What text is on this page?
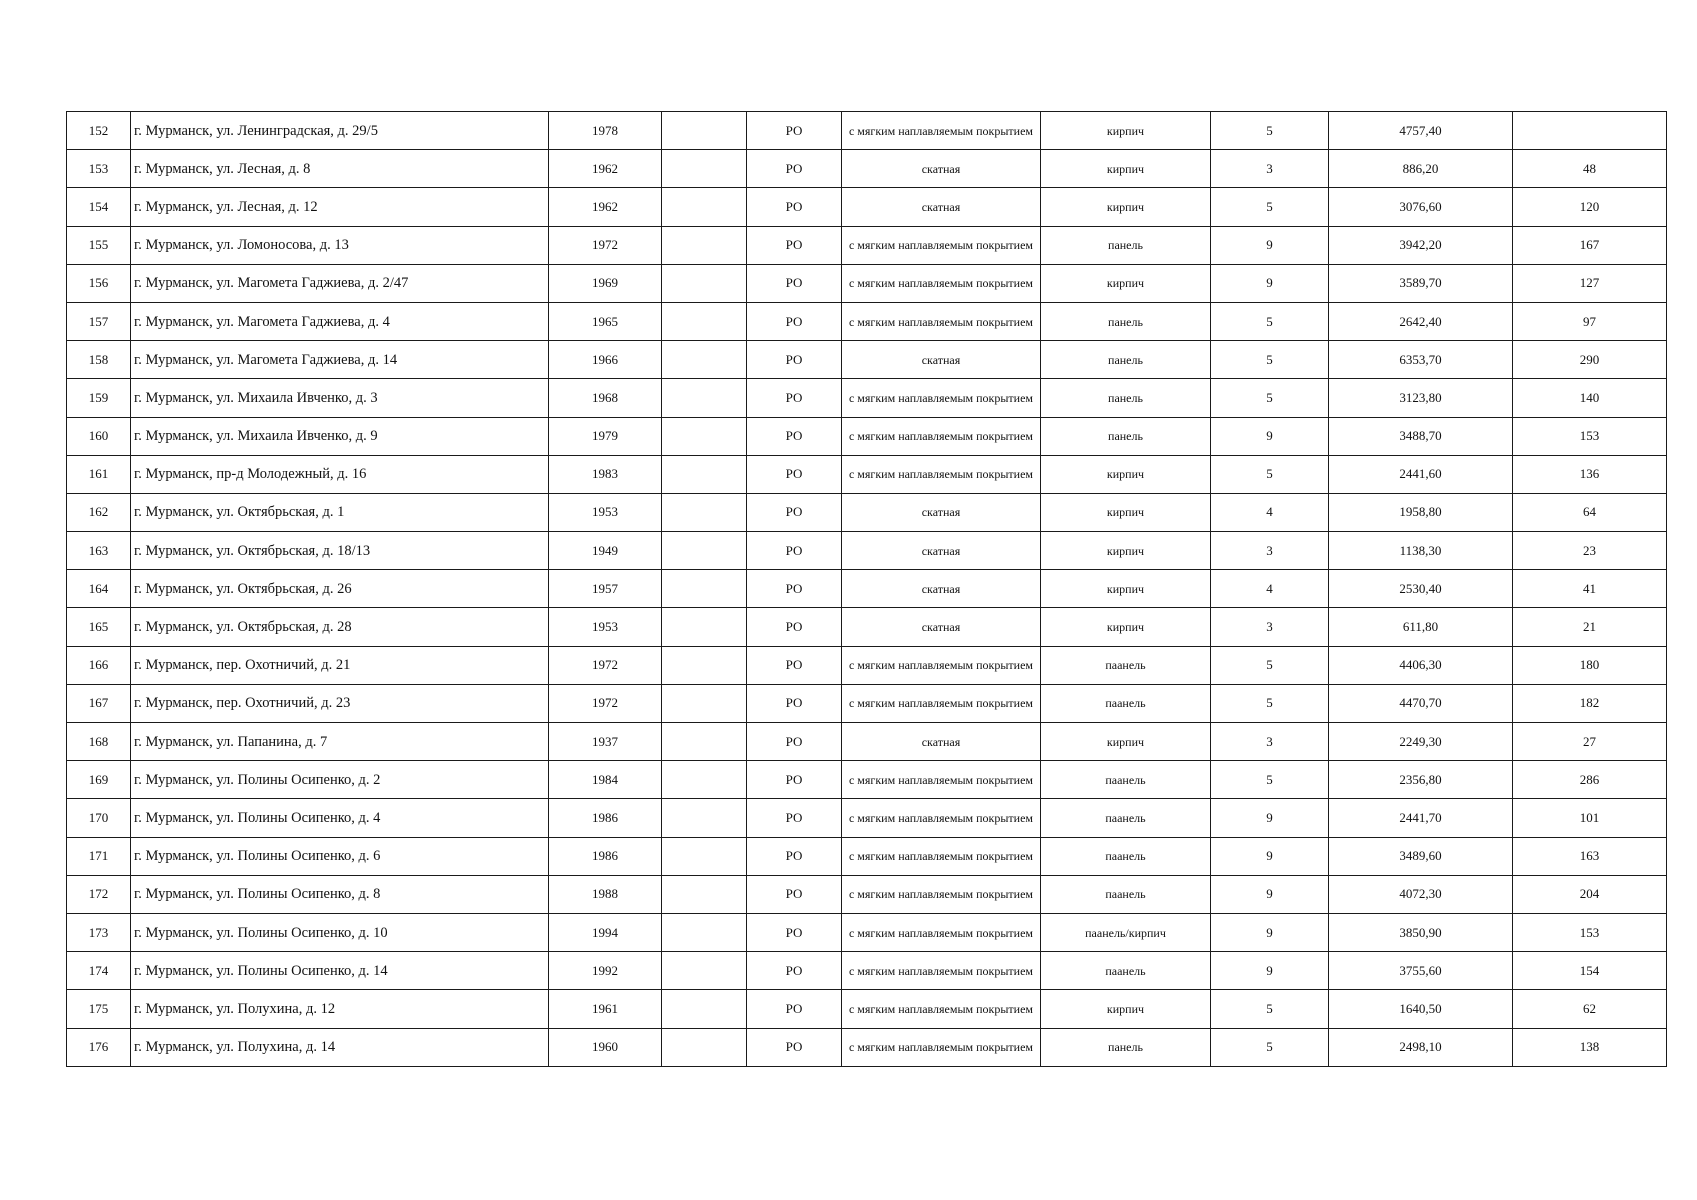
152	г. Мурманск, ул. Ленинградская, д. 29/5	1978		РО	с мягким наплавляемым покрытием	кирпич	5	4757,40	
153	г. Мурманск, ул. Лесная, д. 8	1962		РО	скатная	кирпич	3	886,20	48
154	г. Мурманск, ул. Лесная, д. 12	1962		РО	скатная	кирпич	5	3076,60	120
155	г. Мурманск, ул. Ломоносова, д. 13	1972		РО	с мягким наплавляемым покрытием	панель	9	3942,20	167
156	г. Мурманск, ул. Магомета Гаджиева, д. 2/47	1969		РО	с мягким наплавляемым покрытием	кирпич	9	3589,70	127
157	г. Мурманск, ул. Магомета Гаджиева, д. 4	1965		РО	с мягким наплавляемым покрытием	панель	5	2642,40	97
158	г. Мурманск, ул. Магомета Гаджиева, д. 14	1966		РО	скатная	панель	5	6353,70	290
159	г. Мурманск, ул. Михаила Ивченко, д. 3	1968		РО	с мягким наплавляемым покрытием	панель	5	3123,80	140
160	г. Мурманск, ул. Михаила Ивченко, д. 9	1979		РО	с мягким наплавляемым покрытием	панель	9	3488,70	153
161	г. Мурманск, пр-д Молодежный, д. 16	1983		РО	с мягким наплавляемым покрытием	кирпич	5	2441,60	136
162	г. Мурманск, ул. Октябрьская, д. 1	1953		РО	скатная	кирпич	4	1958,80	64
163	г. Мурманск, ул. Октябрьская, д. 18/13	1949		РО	скатная	кирпич	3	1138,30	23
164	г. Мурманск, ул. Октябрьская, д. 26	1957		РО	скатная	кирпич	4	2530,40	41
165	г. Мурманск, ул. Октябрьская, д. 28	1953		РО	скатная	кирпич	3	611,80	21
166	г. Мурманск, пер. Охотничий, д. 21	1972		РО	с мягким наплавляемым покрытием	паанель	5	4406,30	180
167	г. Мурманск, пер. Охотничий, д. 23	1972		РО	с мягким наплавляемым покрытием	паанель	5	4470,70	182
168	г. Мурманск, ул. Папанина, д. 7	1937		РО	скатная	кирпич	3	2249,30	27
169	г. Мурманск, ул. Полины Осипенко, д. 2	1984		РО	с мягким наплавляемым покрытием	паанель	5	2356,80	286
170	г. Мурманск, ул. Полины Осипенко, д. 4	1986		РО	с мягким наплавляемым покрытием	паанель	9	2441,70	101
171	г. Мурманск, ул. Полины Осипенко, д. 6	1986		РО	с мягким наплавляемым покрытием	паанель	9	3489,60	163
172	г. Мурманск, ул. Полины Осипенко, д. 8	1988		РО	с мягким наплавляемым покрытием	паанель	9	4072,30	204
173	г. Мурманск, ул. Полины Осипенко, д. 10	1994		РО	с мягким наплавляемым покрытием	паанель/кирпич	9	3850,90	153
174	г. Мурманск, ул. Полины Осипенко, д. 14	1992		РО	с мягким наплавляемым покрытием	паанель	9	3755,60	154
175	г. Мурманск, ул. Полухина, д. 12	1961		РО	с мягким наплавляемым покрытием	кирпич	5	1640,50	62
176	г. Мурманск, ул. Полухина, д. 14	1960		РО	с мягким наплавляемым покрытием	панель	5	2498,10	138
